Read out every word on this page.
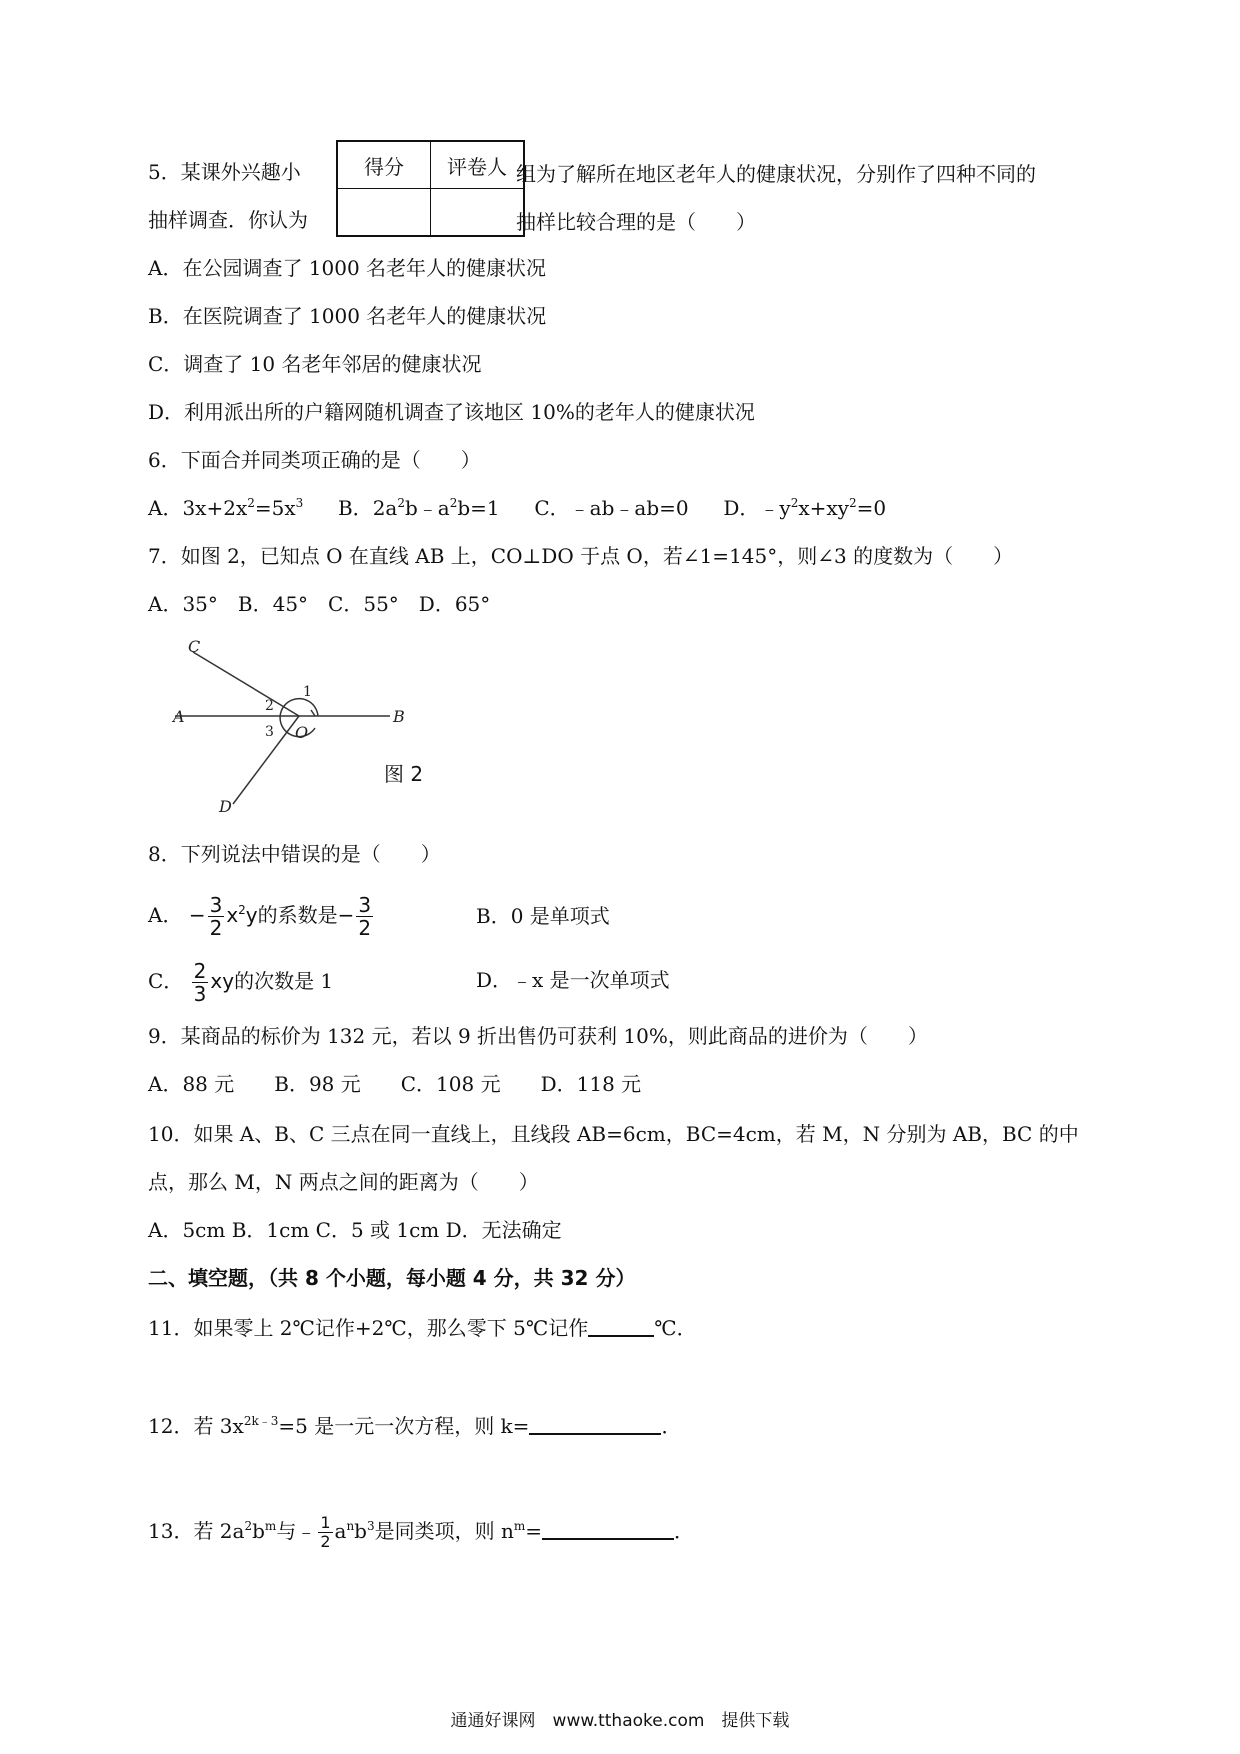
5．某课外兴趣小	组为了解所在地区老年人的健康状况，分别作了四种不同的
得分	评卷人

抽样调查．你认为	抽样比较合理的是（　　）
A．在公园调查了 1000 名老年人的健康状况
B．在医院调查了 1000 名老年人的健康状况
C．调查了 10 名老年邻居的健康状况
D．利用派出所的户籍网随机调查了该地区 10%的老年人的健康状况
6．下面合并同类项正确的是（　　）
A．$3x+2x^2=5x^3$ B．$2a^2b﹣a^2b=1$ C．﹣ab﹣ab=0 D．$﹣y^2x+xy^2=0$
7．如图 2，已知点 O 在直线 AB 上，CO⊥DO 于点 O，若∠1=145°，则∠3 的度数为（　　）
A．35°　B．45°　C．55°　D．65°
A	B
C
D
O
1
2
3
图 2
8．下列说法中错误的是（　　）
A． − $\frac{3}{2} x^2y$的系数是− $\frac{3}{2}$	B．0 是单项式
C． $\frac{2}{3}$ xy的次数是 1	D．﹣x 是一次单项式
9．某商品的标价为 132 元，若以 9 折出售仍可获利 10%，则此商品的进价为（　　）
A．88 元　　B．98 元　　C．108 元　　D．118 元
10．如果 A、B、C 三点在同一直线上，且线段 AB=6cm，BC=4cm，若 M，N 分别为 AB，BC 的中
点，那么 M，N 两点之间的距离为（　　）
A．5cm B．1cm C．5 或 1cm D．无法确定
二、填空题，（共 8 个小题，每小题 4 分，共 32 分）
11．如果零上 2℃记作+2℃，那么零下 5℃记作	℃．
12．若 $3x^{2k﹣3}=5$ 是一元一次方程，则 k=	．
13．若 $2a^2b^m$与﹣ $\frac{1}{2} a^nb^3$是同类项，则 $n^m=$	．
通通好课网　www.tthaoke.com　提供下载
